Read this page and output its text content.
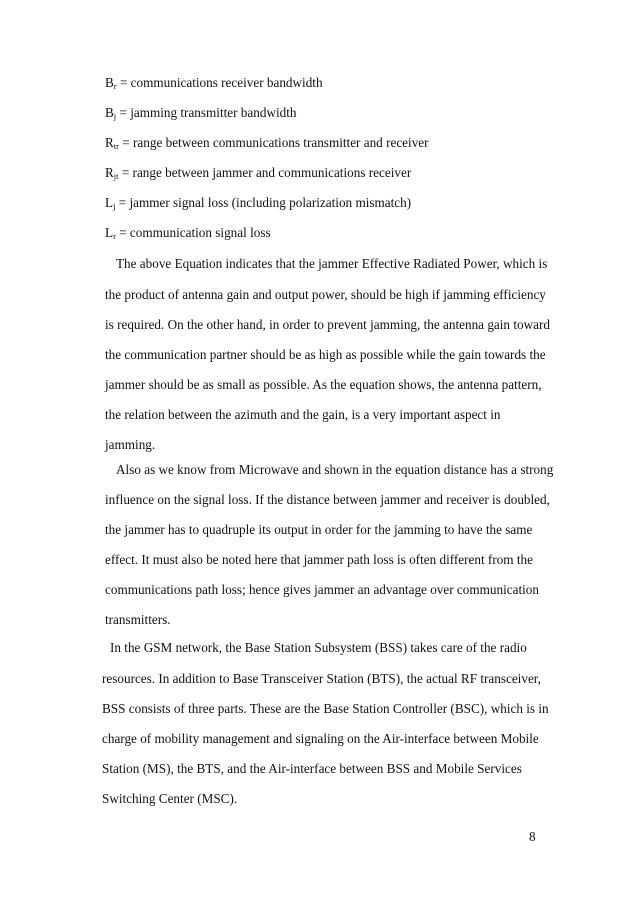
$B_r$ = communications receiver bandwidth
$B_j = jamming$ transmitter bandwidth
$R_{tr}$ = range between communications transmitter and receiver
$R_{jt}$ = range between jammer and communications receiver
$L_j$ = jammer signal loss (including polarization mismatch)
$L_r$ = communication signal loss
The above Equation indicates that the jammer Effective Radiated Power, which is
the product of antenna gain and output power, should be high if jamming efficiency
is required. On the other hand, in order to prevent jamming, the antenna gain toward
the communication partner should be as high as possible while the gain towards the
jammer should be as small as possible. As the equation shows, the antenna pattern,
the relation between the azimuth and the gain, is a very important aspect in
jamming.
Also as we know from Microwave and shown in the equation distance has a strong
influence on the signal loss. If the distance between jammer and receiver is doubled,
the jammer has to quadruple its output in order for the jamming to have the same
effect. It must also be noted here that jammer path loss is often different from the
communications path loss; hence gives jammer an advantage over communication
transmitters.
In the GSM network, the Base Station Subsystem (BSS) takes care of the radio
resources. In addition to Base Transceiver Station (BTS), the actual RF transceiver,
BSS consists of three parts. These are the Base Station Controller (BSC), which is in
charge of mobility management and signaling on the Air-interface between Mobile
Station (MS), the BTS, and the Air-interface between BSS and Mobile Services
Switching Center (MSC).
8
